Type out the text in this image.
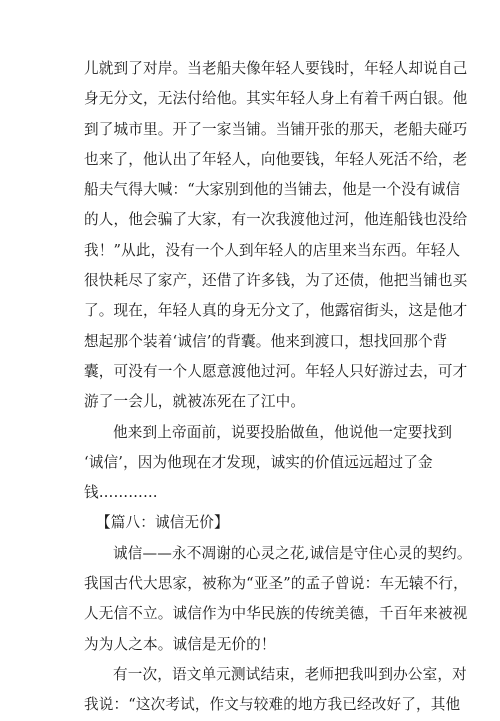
儿就到了对岸。当老船夫像年轻人要钱时，年轻人却说自己
身无分文，无法付给他。其实年轻人身上有着千两白银。他
到了城市里。开了一家当铺。当铺开张的那天，老船夫碰巧
也来了，他认出了年轻人，向他要钱，年轻人死活不给，老
船夫气得大喊：“大家别到他的当铺去，他是一个没有诚信
的人，他会骗了大家，有一次我渡他过河，他连船钱也没给
我！”从此，没有一个人到年轻人的店里来当东西。年轻人
很快耗尽了家产，还借了许多钱，为了还债，他把当铺也买
了。现在，年轻人真的身无分文了，他露宿街头，这是他才
想起那个装着‘诚信’的背囊。他来到渡口，想找回那个背
囊，可没有一个人愿意渡他过河。年轻人只好游过去，可才
游了一会儿，就被冻死在了江中。
他来到上帝面前，说要投胎做鱼，他说他一定要找到
‘诚信’，因为他现在才发现，诚实的价值远远超过了金
钱…………
【篇八：诚信无价】
诚信——永不凋谢的心灵之花,诚信是守住心灵的契约。
我国古代大思家，被称为“亚圣”的孟子曾说：车无辕不行，
人无信不立。诚信作为中华民族的传统美德，千百年来被视
为为人之本。诚信是无价的！
有一次，语文单元测试结束，老师把我叫到办公室，对
我说：“这次考试，作文与较难的地方我已经改好了，其他
